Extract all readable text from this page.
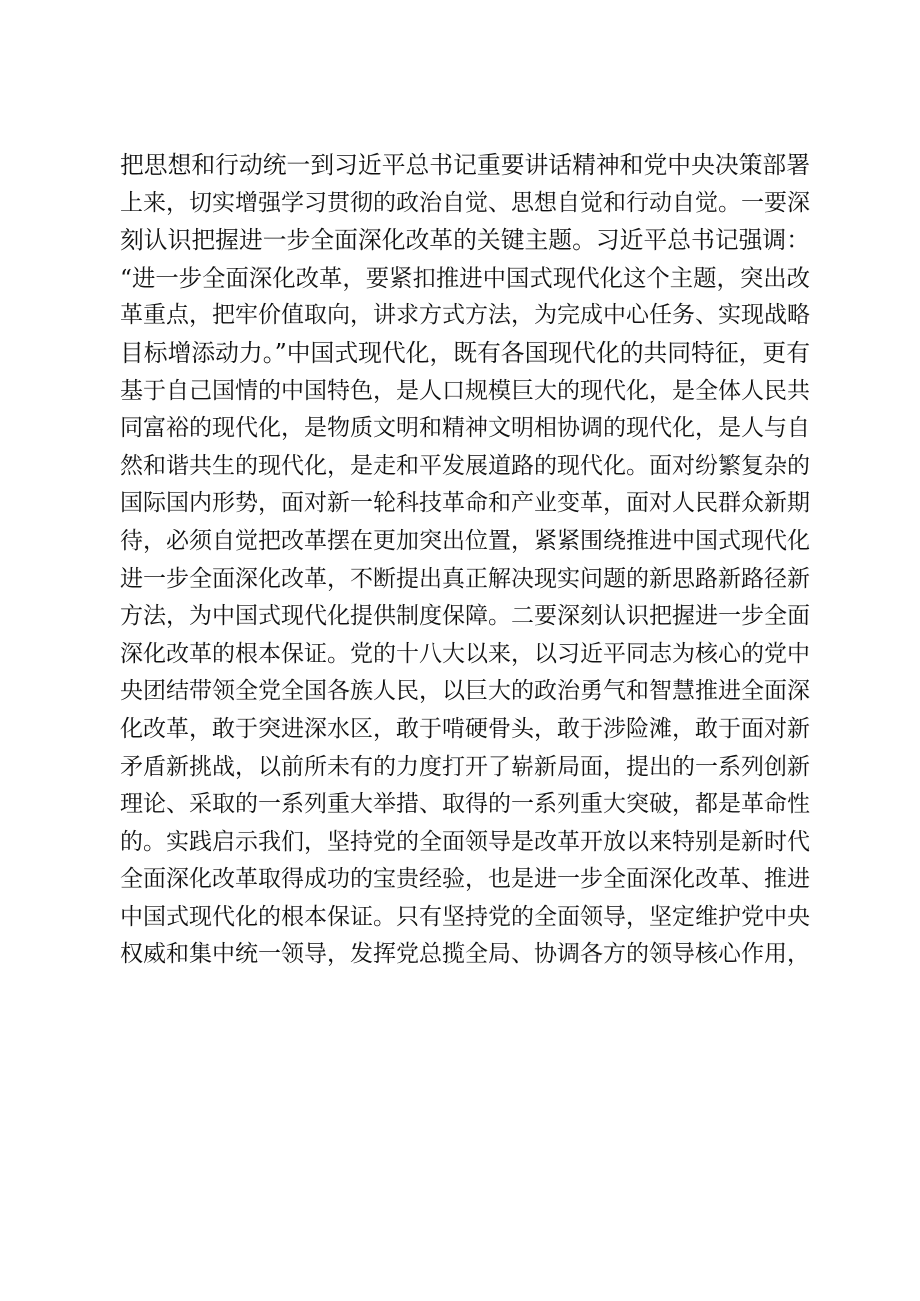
把思想和行动统一到习近平总书记重要讲话精神和党中央决策部署
上来，切实增强学习贯彻的政治自觉、思想自觉和行动自觉。一要深
刻认识把握进一步全面深化改革的关键主题。习近平总书记强调：
“进一步全面深化改革，要紧扣推进中国式现代化这个主题，突出改
革重点，把牢价值取向，讲求方式方法，为完成中心任务、实现战略
目标增添动力。”中国式现代化，既有各国现代化的共同特征，更有
基于自己国情的中国特色，是人口规模巨大的现代化，是全体人民共
同富裕的现代化，是物质文明和精神文明相协调的现代化，是人与自
然和谐共生的现代化，是走和平发展道路的现代化。面对纷繁复杂的
国际国内形势，面对新一轮科技革命和产业变革，面对人民群众新期
待，必须自觉把改革摆在更加突出位置，紧紧围绕推进中国式现代化
进一步全面深化改革，不断提出真正解决现实问题的新思路新路径新
方法，为中国式现代化提供制度保障。二要深刻认识把握进一步全面
深化改革的根本保证。党的十八大以来，以习近平同志为核心的党中
央团结带领全党全国各族人民，以巨大的政治勇气和智慧推进全面深
化改革，敢于突进深水区，敢于啃硬骨头，敢于涉险滩，敢于面对新
矛盾新挑战，以前所未有的力度打开了崭新局面，提出的一系列创新
理论、采取的一系列重大举措、取得的一系列重大突破，都是革命性
的。实践启示我们，坚持党的全面领导是改革开放以来特别是新时代
全面深化改革取得成功的宝贵经验，也是进一步全面深化改革、推进
中国式现代化的根本保证。只有坚持党的全面领导，坚定维护党中央
权威和集中统一领导，发挥党总揽全局、协调各方的领导核心作用，
